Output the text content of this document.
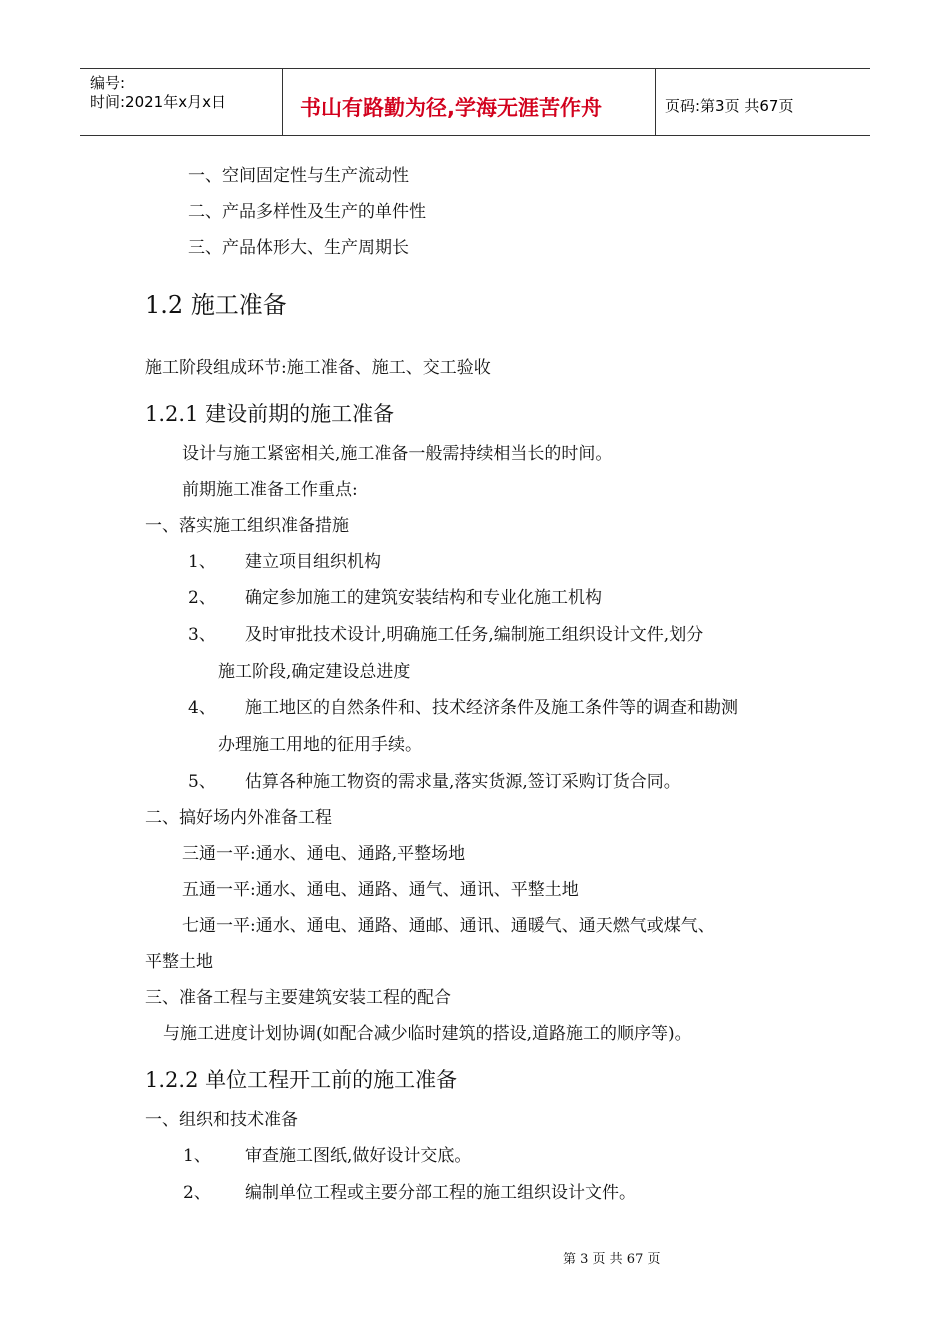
编号:
时间:2021年x月x日	书山有路勤为径,学海无涯苦作舟	页码:第3页 共67页
一、空间固定性与生产流动性
二、产品多样性及生产的单件性
三、产品体形大、生产周期长
1.2 施工准备
施工阶段组成环节:施工准备、施工、交工验收
1.2.1 建设前期的施工准备
设计与施工紧密相关,施工准备一般需持续相当长的时间。
前期施工准备工作重点:
一、落实施工组织准备措施
1、 建立项目组织机构
2、 确定参加施工的建筑安装结构和专业化施工机构
3、 及时审批技术设计,明确施工任务,编制施工组织设计文件,划分
施工阶段,确定建设总进度
4、 施工地区的自然条件和、技术经济条件及施工条件等的调查和勘测
办理施工用地的征用手续。
5、 估算各种施工物资的需求量,落实货源,签订采购订货合同。
二、搞好场内外准备工程
三通一平:通水、通电、通路,平整场地
五通一平:通水、通电、通路、通气、通讯、平整土地
七通一平:通水、通电、通路、通邮、通讯、通暖气、通天燃气或煤气、
平整土地
三、准备工程与主要建筑安装工程的配合
与施工进度计划协调(如配合减少临时建筑的搭设,道路施工的顺序等)。
1.2.2 单位工程开工前的施工准备
一、组织和技术准备
1、 审查施工图纸,做好设计交底。
2、 编制单位工程或主要分部工程的施工组织设计文件。
第 3 页 共 67 页
